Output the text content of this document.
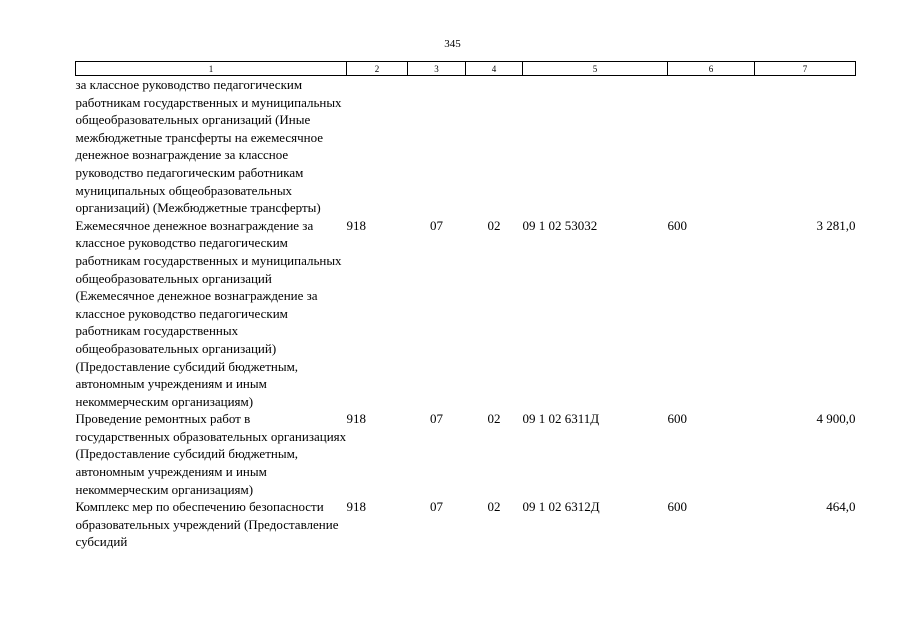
345
1	2	3	4	5	6	7
за классное руководство педагогическим работникам государственных и муниципальных общеобразовательных организаций (Иные межбюджетные трансферты на ежемесячное денежное вознаграждение за классное руководство педагогическим работникам муниципальных общеобразовательных организаций) (Межбюджетные трансферты)						
Ежемесячное денежное вознаграждение за классное руководство педагогическим работникам государственных и муниципальных общеобразовательных организаций (Ежемесячное денежное вознаграждение за классное руководство педагогическим работникам государственных общеобразовательных организаций) (Предоставление субсидий бюджетным, автономным учреждениям и иным некоммерческим организациям)	918	07	02	09 1 02 53032	600	3 281,0
Проведение ремонтных работ в государственных образовательных организациях (Предоставление субсидий бюджетным, автономным учреждениям и иным некоммерческим организациям)	918	07	02	09 1 02 6311Д	600	4 900,0
Комплекс мер по обеспечению безопасности образовательных учреждений (Предоставление субсидий	918	07	02	09 1 02 6312Д	600	464,0
